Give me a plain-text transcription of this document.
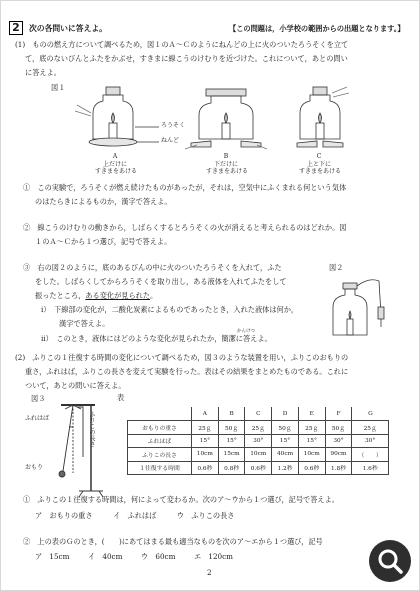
2	次の各問いに答えよ。	【この問題は，小学校の範囲からの出題となります。】
(1)　ものの燃え方について調べるため，図１のＡ～Ｃのようにねんどの上に火のついたろうそくを立て
て，底のないびんとふたをかぶせ，すきまに線こうのけむりを近づけた。これについて，あとの問い
に答えよ。
図１
ろうそく
ねんど
A
上だけに
すきまをあける
B
下だけに
すきまをあける
C
上と下に
すきまをあける
①　この実験で，ろうそくが燃え続けたものがあったが，それは，空気中にふくまれる何という気体
のはたらきによるものか，漢字で答えよ。
②　線こうのけむりの動きから，しばらくするとろうそくの火が消えると考えられるのはどれか。図
１のＡ～Ｃから１つ選び，記号で答えよ。
③　右の図２のように，底のあるびんの中に火のついたろうそくを入れて，ふた
をした。しばらくしてからろうそくを取り出し，ある液体を入れてふたをして
振ったところ，ある変化が見られた。
ⅰ）　下線部の変化が，二酸化炭素によるものであったとき，入れた液体は何か，
漢字で答えよ。
かんけつ
ⅱ）　このとき，液体にはどのような変化が見られたか，簡潔に答えよ。
図２
(2)　ふりこの１往復する時間の変化について調べるため，図３のような装置を用い，ふりこのおもりの
重さ，ふれはば，ふりこの長さを変えて実験を行った。表はその結果をまとめたものである。これに
ついて，あとの問いに答えよ。
図３
ふれはば
おもり
ふりこの長さ
表
	A	B	C	D	E	F	G
おもりの重さ	25ｇ	50ｇ	25ｇ	50ｇ	25ｇ	50ｇ	25ｇ
ふれはば	15°	15°	30°	15°	15°	30°	30°
ふりこの長さ	10cm	15cm	10cm	40cm	10cm	90cm	（　　）
１往復する時間	0.6秒	0.8秒	0.6秒	1.2秒	0.6秒	1.8秒	1.6秒
①　ふりこの１往復する時間は，何によって変わるか。次のア～ウから１つ選び，記号で答えよ。
ア　 おもりの重さ	イ　 ふれはば	ウ　 ふりこの長さ
②　上の表のＧのとき，(　　)にあてはまる最も適当なものを次のア～エから１つ選び，記号
ア　 15cm	イ　 40cm	ウ　 60cm	エ　 120cm
2
